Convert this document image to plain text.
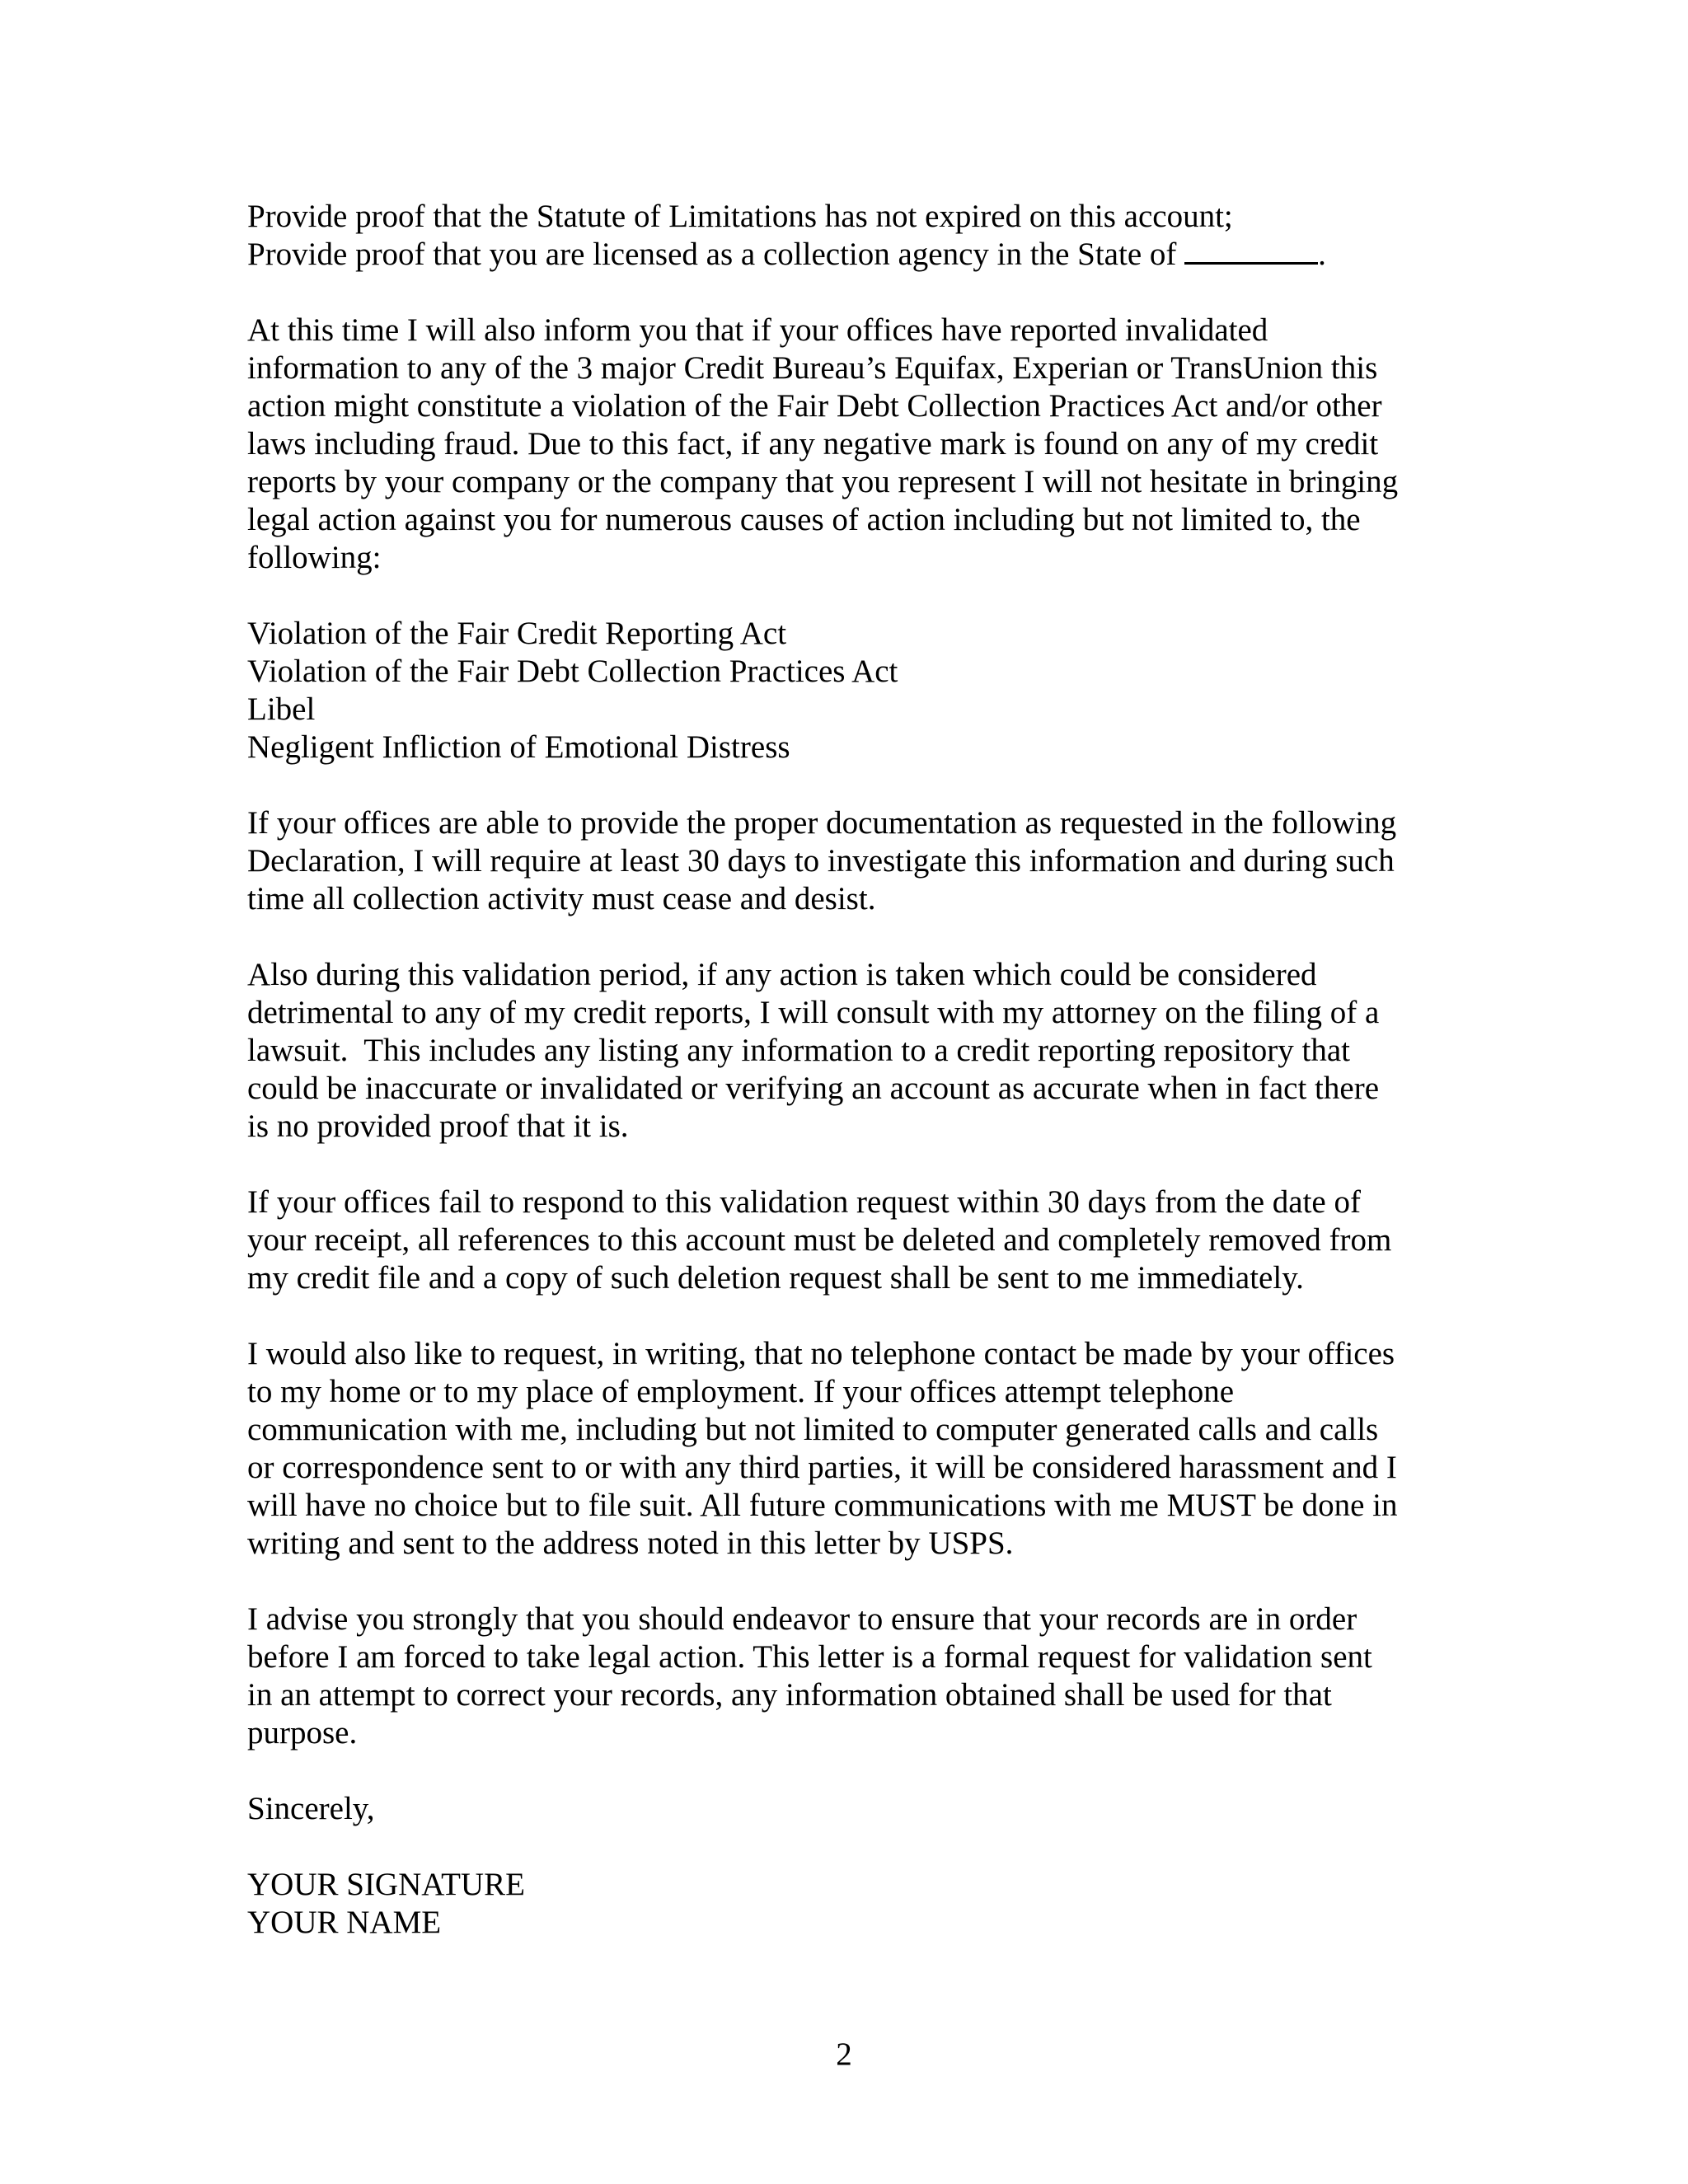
Provide proof that the Statute of Limitations has not expired on this account;
Provide proof that you are licensed as a collection agency in the State of	.
At this time I will also inform you that if your offices have reported invalidated
information to any of the 3 major Credit Bureau’s Equifax, Experian or TransUnion this
action might constitute a violation of the Fair Debt Collection Practices Act and/or other
laws including fraud. Due to this fact, if any negative mark is found on any of my credit
reports by your company or the company that you represent I will not hesitate in bringing
legal action against you for numerous causes of action including but not limited to, the
following:
Violation of the Fair Credit Reporting Act
Violation of the Fair Debt Collection Practices Act
Libel
Negligent Infliction of Emotional Distress
If your offices are able to provide the proper documentation as requested in the following
Declaration, I will require at least 30 days to investigate this information and during such
time all collection activity must cease and desist.
Also during this validation period, if any action is taken which could be considered
detrimental to any of my credit reports, I will consult with my attorney on the filing of a
lawsuit.  This includes any listing any information to a credit reporting repository that
could be inaccurate or invalidated or verifying an account as accurate when in fact there
is no provided proof that it is.
If your offices fail to respond to this validation request within 30 days from the date of
your receipt, all references to this account must be deleted and completely removed from
my credit file and a copy of such deletion request shall be sent to me immediately.
I would also like to request, in writing, that no telephone contact be made by your offices
to my home or to my place of employment. If your offices attempt telephone
communication with me, including but not limited to computer generated calls and calls
or correspondence sent to or with any third parties, it will be considered harassment and I
will have no choice but to file suit. All future communications with me MUST be done in
writing and sent to the address noted in this letter by USPS.
I advise you strongly that you should endeavor to ensure that your records are in order
before I am forced to take legal action. This letter is a formal request for validation sent
in an attempt to correct your records, any information obtained shall be used for that
purpose.
Sincerely,
YOUR SIGNATURE
YOUR NAME
2
